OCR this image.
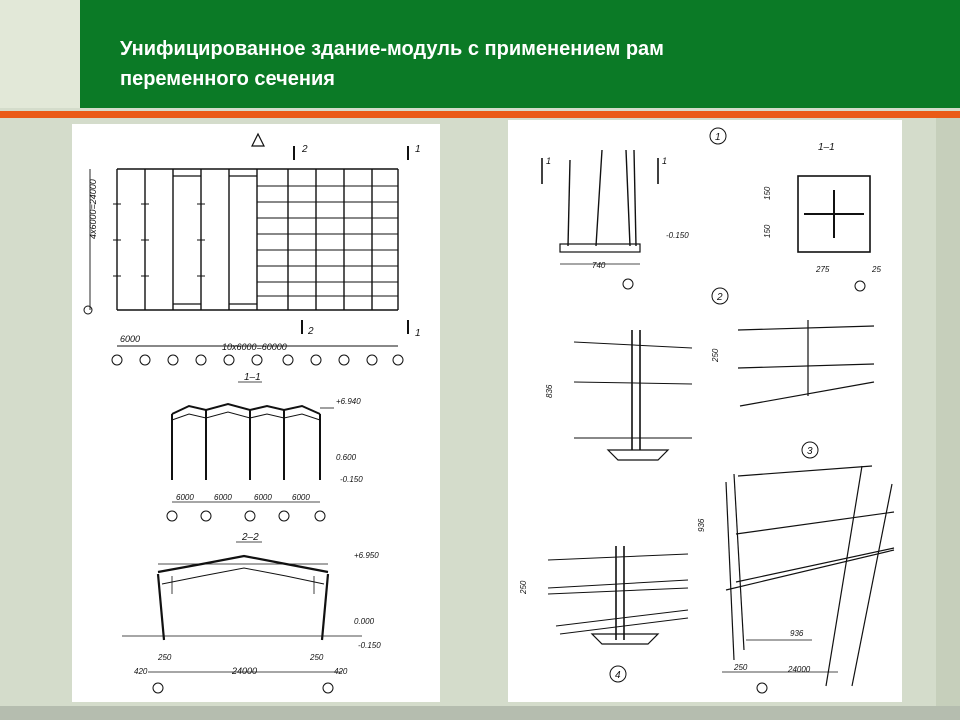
Унифицированное здание-модуль с применением рам
переменного сечения
2	1
2	1
4х6000=24000
6000
10х6000=60000
1–1
+6.940
0.600
-0.150
6000	6000	6000	6000
2–2
+6.950
0.000
-0.150
250	250
420	24000	420
1
1	1
740
-0.150
1–1
150
150
275	25
2
836
250
3
936
936
250	24000
250
4
